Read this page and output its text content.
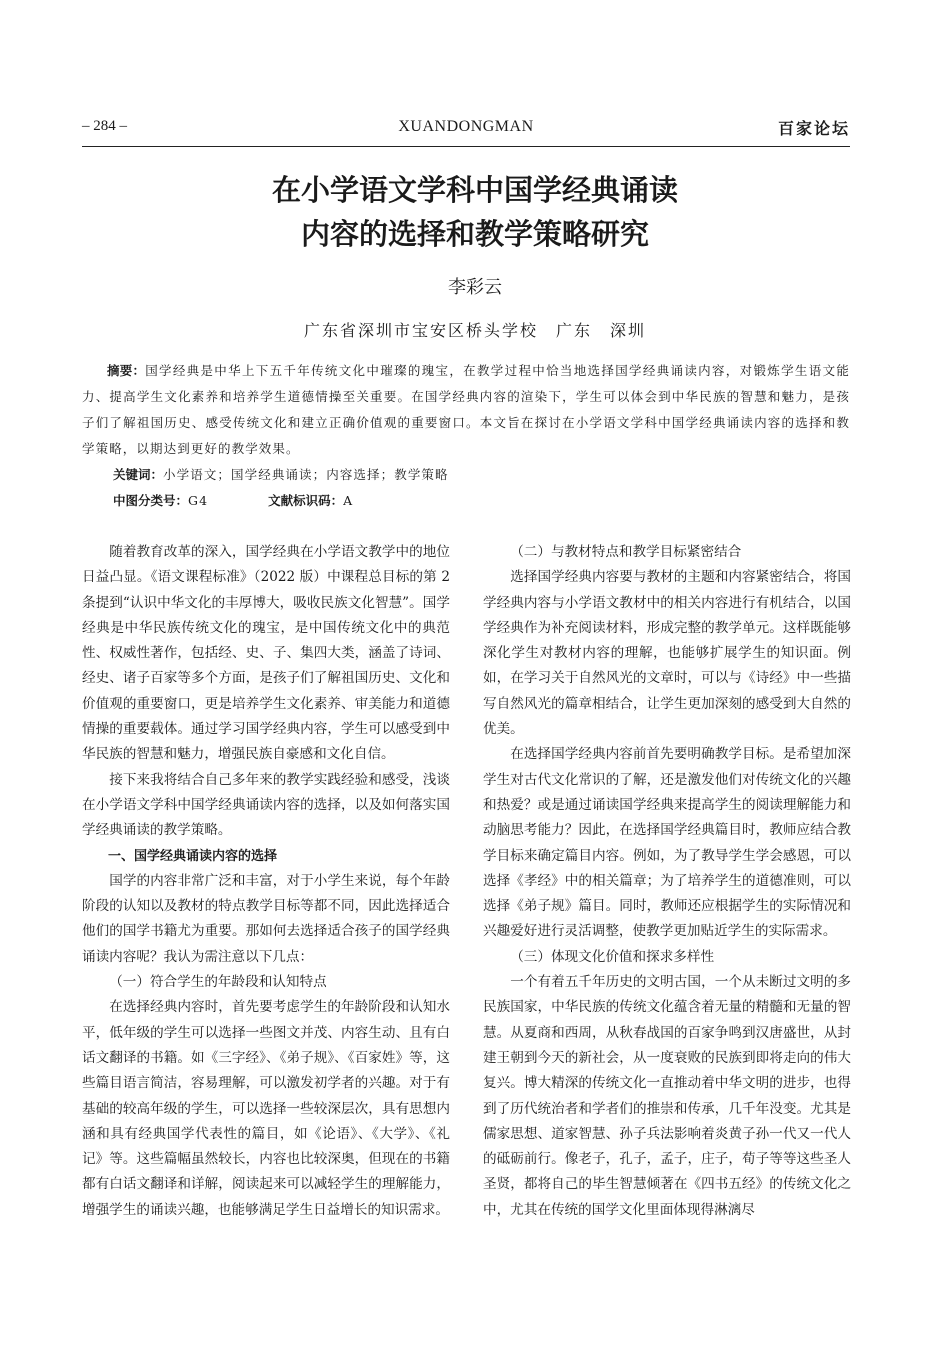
– 284 –	XUANDONGMAN	百家论坛
在小学语文学科中国学经典诵读
内容的选择和教学策略研究
李彩云
广东省深圳市宝安区桥头学校　广东　深圳

摘要：国学经典是中华上下五千年传统文化中璀璨的瑰宝，在教学过程中恰当地选择国学经典诵读内容，对锻炼学生语文能力、提高学生文化素养和培养学生道德情操至关重要。在国学经典内容的渲染下，学生可以体会到中华民族的智慧和魅力，是孩子们了解祖国历史、感受传统文化和建立正确价值观的重要窗口。本文旨在探讨在小学语文学科中国学经典诵读内容的选择和教学策略，以期达到更好的教学效果。

关键词：小学语文；国学经典诵读；内容选择；教学策略

中图分类号：G4	文献标识码：A

随着教育改革的深入，国学经典在小学语文教学中的地位日益凸显。《语文课程标准》（2022 版）中课程总目标的第 2 条提到“认识中华文化的丰厚博大，吸收民族文化智慧”。国学经典是中华民族传统文化的瑰宝，是中国传统文化中的典范性、权威性著作，包括经、史、子、集四大类，涵盖了诗词、经史、诸子百家等多个方面，是孩子们了解祖国历史、文化和价值观的重要窗口，更是培养学生文化素养、审美能力和道德情操的重要载体。通过学习国学经典内容，学生可以感受到中华民族的智慧和魅力，增强民族自豪感和文化自信。

接下来我将结合自己多年来的教学实践经验和感受，浅谈在小学语文学科中国学经典诵读内容的选择，以及如何落实国学经典诵读的教学策略。

一、国学经典诵读内容的选择

国学的内容非常广泛和丰富，对于小学生来说，每个年龄阶段的认知以及教材的特点教学目标等都不同，因此选择适合他们的国学书籍尤为重要。那如何去选择适合孩子的国学经典诵读内容呢？我认为需注意以下几点：

（一）符合学生的年龄段和认知特点

在选择经典内容时，首先要考虑学生的年龄阶段和认知水平，低年级的学生可以选择一些图文并茂、内容生动、且有白话文翻译的书籍。如《三字经》、《弟子规》、《百家姓》等，这些篇目语言简洁，容易理解，可以激发初学者的兴趣。对于有基础的较高年级的学生，可以选择一些较深层次，具有思想内涵和具有经典国学代表性的篇目，如《论语》、《大学》、《礼记》等。这些篇幅虽然较长，内容也比较深奥，但现在的书籍都有白话文翻译和详解，阅读起来可以减轻学生的理解能力，增强学生的诵读兴趣，也能够满足学生日益增长的知识需求。

（二）与教材特点和教学目标紧密结合

选择国学经典内容要与教材的主题和内容紧密结合，将国学经典内容与小学语文教材中的相关内容进行有机结合，以国学经典作为补充阅读材料，形成完整的教学单元。这样既能够深化学生对教材内容的理解，也能够扩展学生的知识面。例如，在学习关于自然风光的文章时，可以与《诗经》中一些描写自然风光的篇章相结合，让学生更加深刻的感受到大自然的优美。

在选择国学经典内容前首先要明确教学目标。是希望加深学生对古代文化常识的了解，还是激发他们对传统文化的兴趣和热爱？或是通过诵读国学经典来提高学生的阅读理解能力和动脑思考能力？因此，在选择国学经典篇目时，教师应结合教学目标来确定篇目内容。例如，为了教导学生学会感恩，可以选择《孝经》中的相关篇章；为了培养学生的道德准则，可以选择《弟子规》篇目。同时，教师还应根据学生的实际情况和兴趣爱好进行灵活调整，使教学更加贴近学生的实际需求。

（三）体现文化价值和探求多样性

一个有着五千年历史的文明古国，一个从未断过文明的多民族国家，中华民族的传统文化蕴含着无量的精髓和无量的智慧。从夏商和西周，从秋春战国的百家争鸣到汉唐盛世，从封建王朝到今天的新社会，从一度衰败的民族到即将走向的伟大复兴。博大精深的传统文化一直推动着中华文明的进步，也得到了历代统治者和学者们的推崇和传承，几千年没变。尤其是儒家思想、道家智慧、孙子兵法影响着炎黄子孙一代又一代人的砥砺前行。像老子，孔子，孟子，庄子，荀子等等这些圣人圣贤，都将自己的毕生智慧倾著在《四书五经》的传统文化之中，尤其在传统的国学文化里面体现得淋漓尽
